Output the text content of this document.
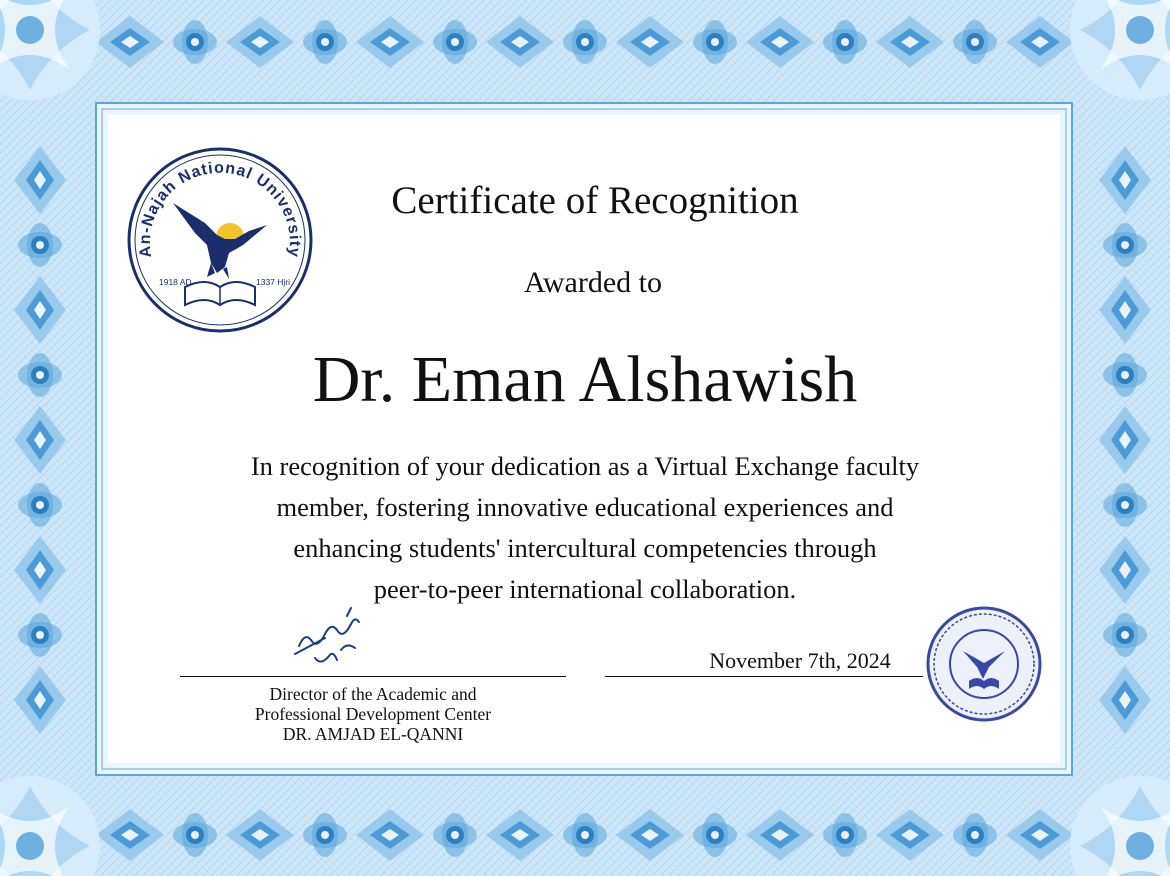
An-Najah National University
1918 AD	1337 Hjri
Certificate of Recognition
Awarded to
Dr. Eman Alshawish
In recognition of your dedication as a Virtual Exchange faculty
member, fostering innovative educational experiences and
enhancing students' intercultural competencies through
peer-to-peer international collaboration.
November 7th, 2024
Director of the Academic and
Professional Development Center
DR. AMJAD EL-QANNI
